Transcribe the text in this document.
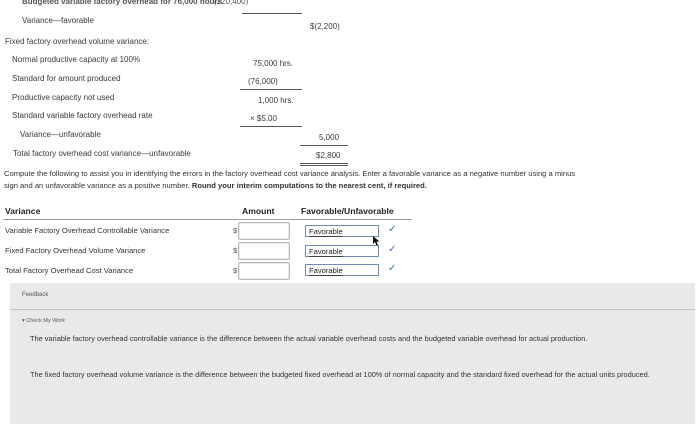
Budgeted variable factory overhead for 76,000 hours
(220,400)
Variance—favorable
$(2,200)
Fixed factory overhead volume variance:
Normal productive capacity at 100%	75,000 hrs.
Standard for amount produced	(76,000)
Productive capacity not used	1,000 hrs.
Standard variable factory overhead rate	× $5.00
Variance—unfavorable	5,000
Total factory overhead cost variance—unfavorable	$2,800
Compute the following to assist you in identifying the errors in the factory overhead cost variance analysis. Enter a favorable variance as a negative number using a minus
sign and an unfavorable variance as a positive number. Round your interim computations to the nearest cent, if required.
Variance	Amount	Favorable/Unfavorable
Variable Factory Overhead Controllable Variance	$	Favorable	✓
Fixed Factory Overhead Volume Variance	$	Favorable	✓
Total Factory Overhead Cost Variance	$	Favorable	✓
Feedback
▾ Check My Work
The variable factory overhead controllable variance is the difference between the actual variable overhead costs and the budgeted variable overhead for actual production.
The fixed factory overhead volume variance is the difference between the budgeted fixed overhead at 100% of normal capacity and the standard fixed overhead for the actual units produced.
